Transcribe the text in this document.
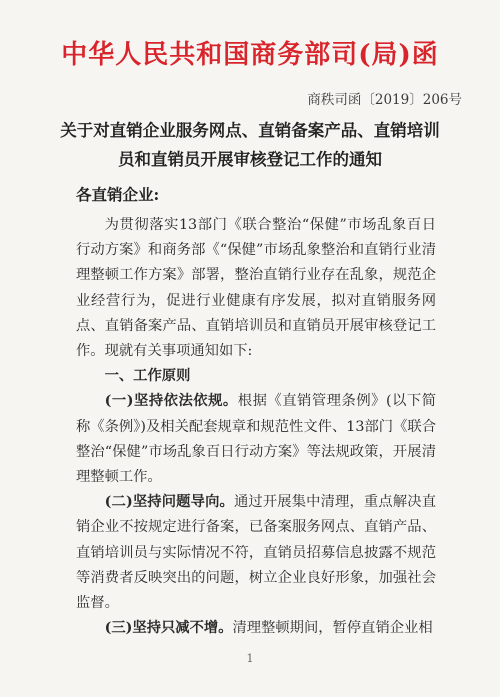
中华人民共和国商务部司(局)函
商秩司函〔2019〕206号
关于对直销企业服务网点、直销备案产品、直销培训
员和直销员开展审核登记工作的通知
各直销企业:

为贯彻落实13部门《联合整治“保健”市场乱象百日行动方案》和商务部《“保健”市场乱象整治和直销行业清理整顿工作方案》部署，整治直销行业存在乱象，规范企业经营行为，促进行业健康有序发展，拟对直销服务网点、直销备案产品、直销培训员和直销员开展审核登记工作。现就有关事项通知如下:

一、工作原则

(一)坚持依法依规。根据《直销管理条例》(以下简称《条例》)及相关配套规章和规范性文件、13部门《联合整治“保健”市场乱象百日行动方案》等法规政策，开展清理整顿工作。

(二)坚持问题导向。通过开展集中清理，重点解决直销企业不按规定进行备案，已备案服务网点、直销产品、直销培训员与实际情况不符，直销员招募信息披露不规范等消费者反映突出的问题，树立企业良好形象，加强社会监督。

(三)坚持只减不增。清理整顿期间，暂停直销企业相

1
